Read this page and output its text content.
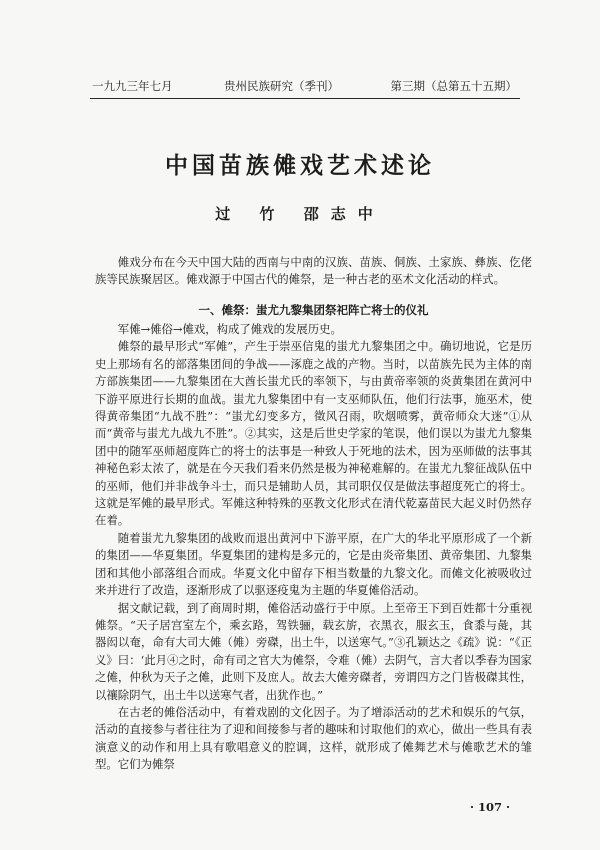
一九九三年七月	贵州民族研究（季刊）	第三期（总第五十五期）
中国苗族傩戏艺术述论
过 竹 邵志中

傩戏分布在今天中国大陆的西南与中南的汉族、苗族、侗族、土家族、彝族、仡佬族等民族聚居区。傩戏源于中国古代的傩祭，是一种古老的巫术文化活动的样式。

一、傩祭：蚩尤九黎集团祭祀阵亡将士的仪礼

军傩→傩俗→傩戏，构成了傩戏的发展历史。

傩祭的最早形式“军傩”，产生于崇巫信鬼的蚩尤九黎集团之中。确切地说，它是历史上那场有名的部落集团间的争战——涿鹿之战的产物。当时，以苗族先民为主体的南方部族集团——九黎集团在大酋长蚩尤氏的率领下，与由黄帝率领的炎黄集团在黄河中下游平原进行长期的血战。蚩尤九黎集团中有一支巫师队伍，他们行法事，施巫术，使得黄帝集团“九战不胜”：“蚩尤幻变多方，徵风召雨，吹烟喷雾，黄帝师众大迷”①从而“黄帝与蚩尤九战九不胜”。②其实，这是后世史学家的笔误，他们误以为蚩尤九黎集团中的随军巫师超度阵亡的将士的法事是一种致人于死地的法术，因为巫师做的法事其神秘色彩太浓了，就是在今天我们看来仍然是极为神秘难解的。在蚩尤九黎征战队伍中的巫师，他们并非战争斗士，而只是辅助人员，其司职仅仅是做法事超度死亡的将士。这就是军傩的最早形式。军傩这种特殊的巫教文化形式在清代乾嘉苗民大起义时仍然存在着。

随着蚩尤九黎集团的战败而退出黄河中下游平原，在广大的华北平原形成了一个新的集团——华夏集团。华夏集团的建构是多元的，它是由炎帝集团、黄帝集团、九黎集团和其他小部落组合而成。华夏文化中留存下相当数量的九黎文化。而傩文化被吸收过来并进行了改造，逐渐形成了以驱逐疫鬼为主题的华夏傩俗活动。

据文献记载，到了商周时期，傩俗活动盛行于中原。上至帝王下到百姓都十分重视傩祭。“天子居宫室左个，乘玄路，驾铁骊，载玄旂，衣黑衣，服玄玉，食黍与彘，其器闳以奄，命有大司大傩（傩）旁磔，出土牛，以送寒气。”③孔颖达之《疏》说：“《正义》曰：‘此月④之时，命有司之官大为傩祭，令难（傩）去阴气，言大者以季春为国家之傩，仲秋为天子之傩，此则下及庶人。故去大傩旁磔者，旁谓四方之门皆极磔其性，以禳除阴气，出土牛以送寒气者，出犹作也。”

在古老的傩俗活动中，有着戏剧的文化因子。为了增添活动的艺术和娱乐的气氛，活动的直接参与者往往为了迎和间接参与者的趣味和讨取他们的欢心，做出一些具有表演意义的动作和用上具有歌唱意义的腔调，这样，就形成了傩舞艺术与傩歌艺术的雏型。它们为傩祭

· 107 ·
